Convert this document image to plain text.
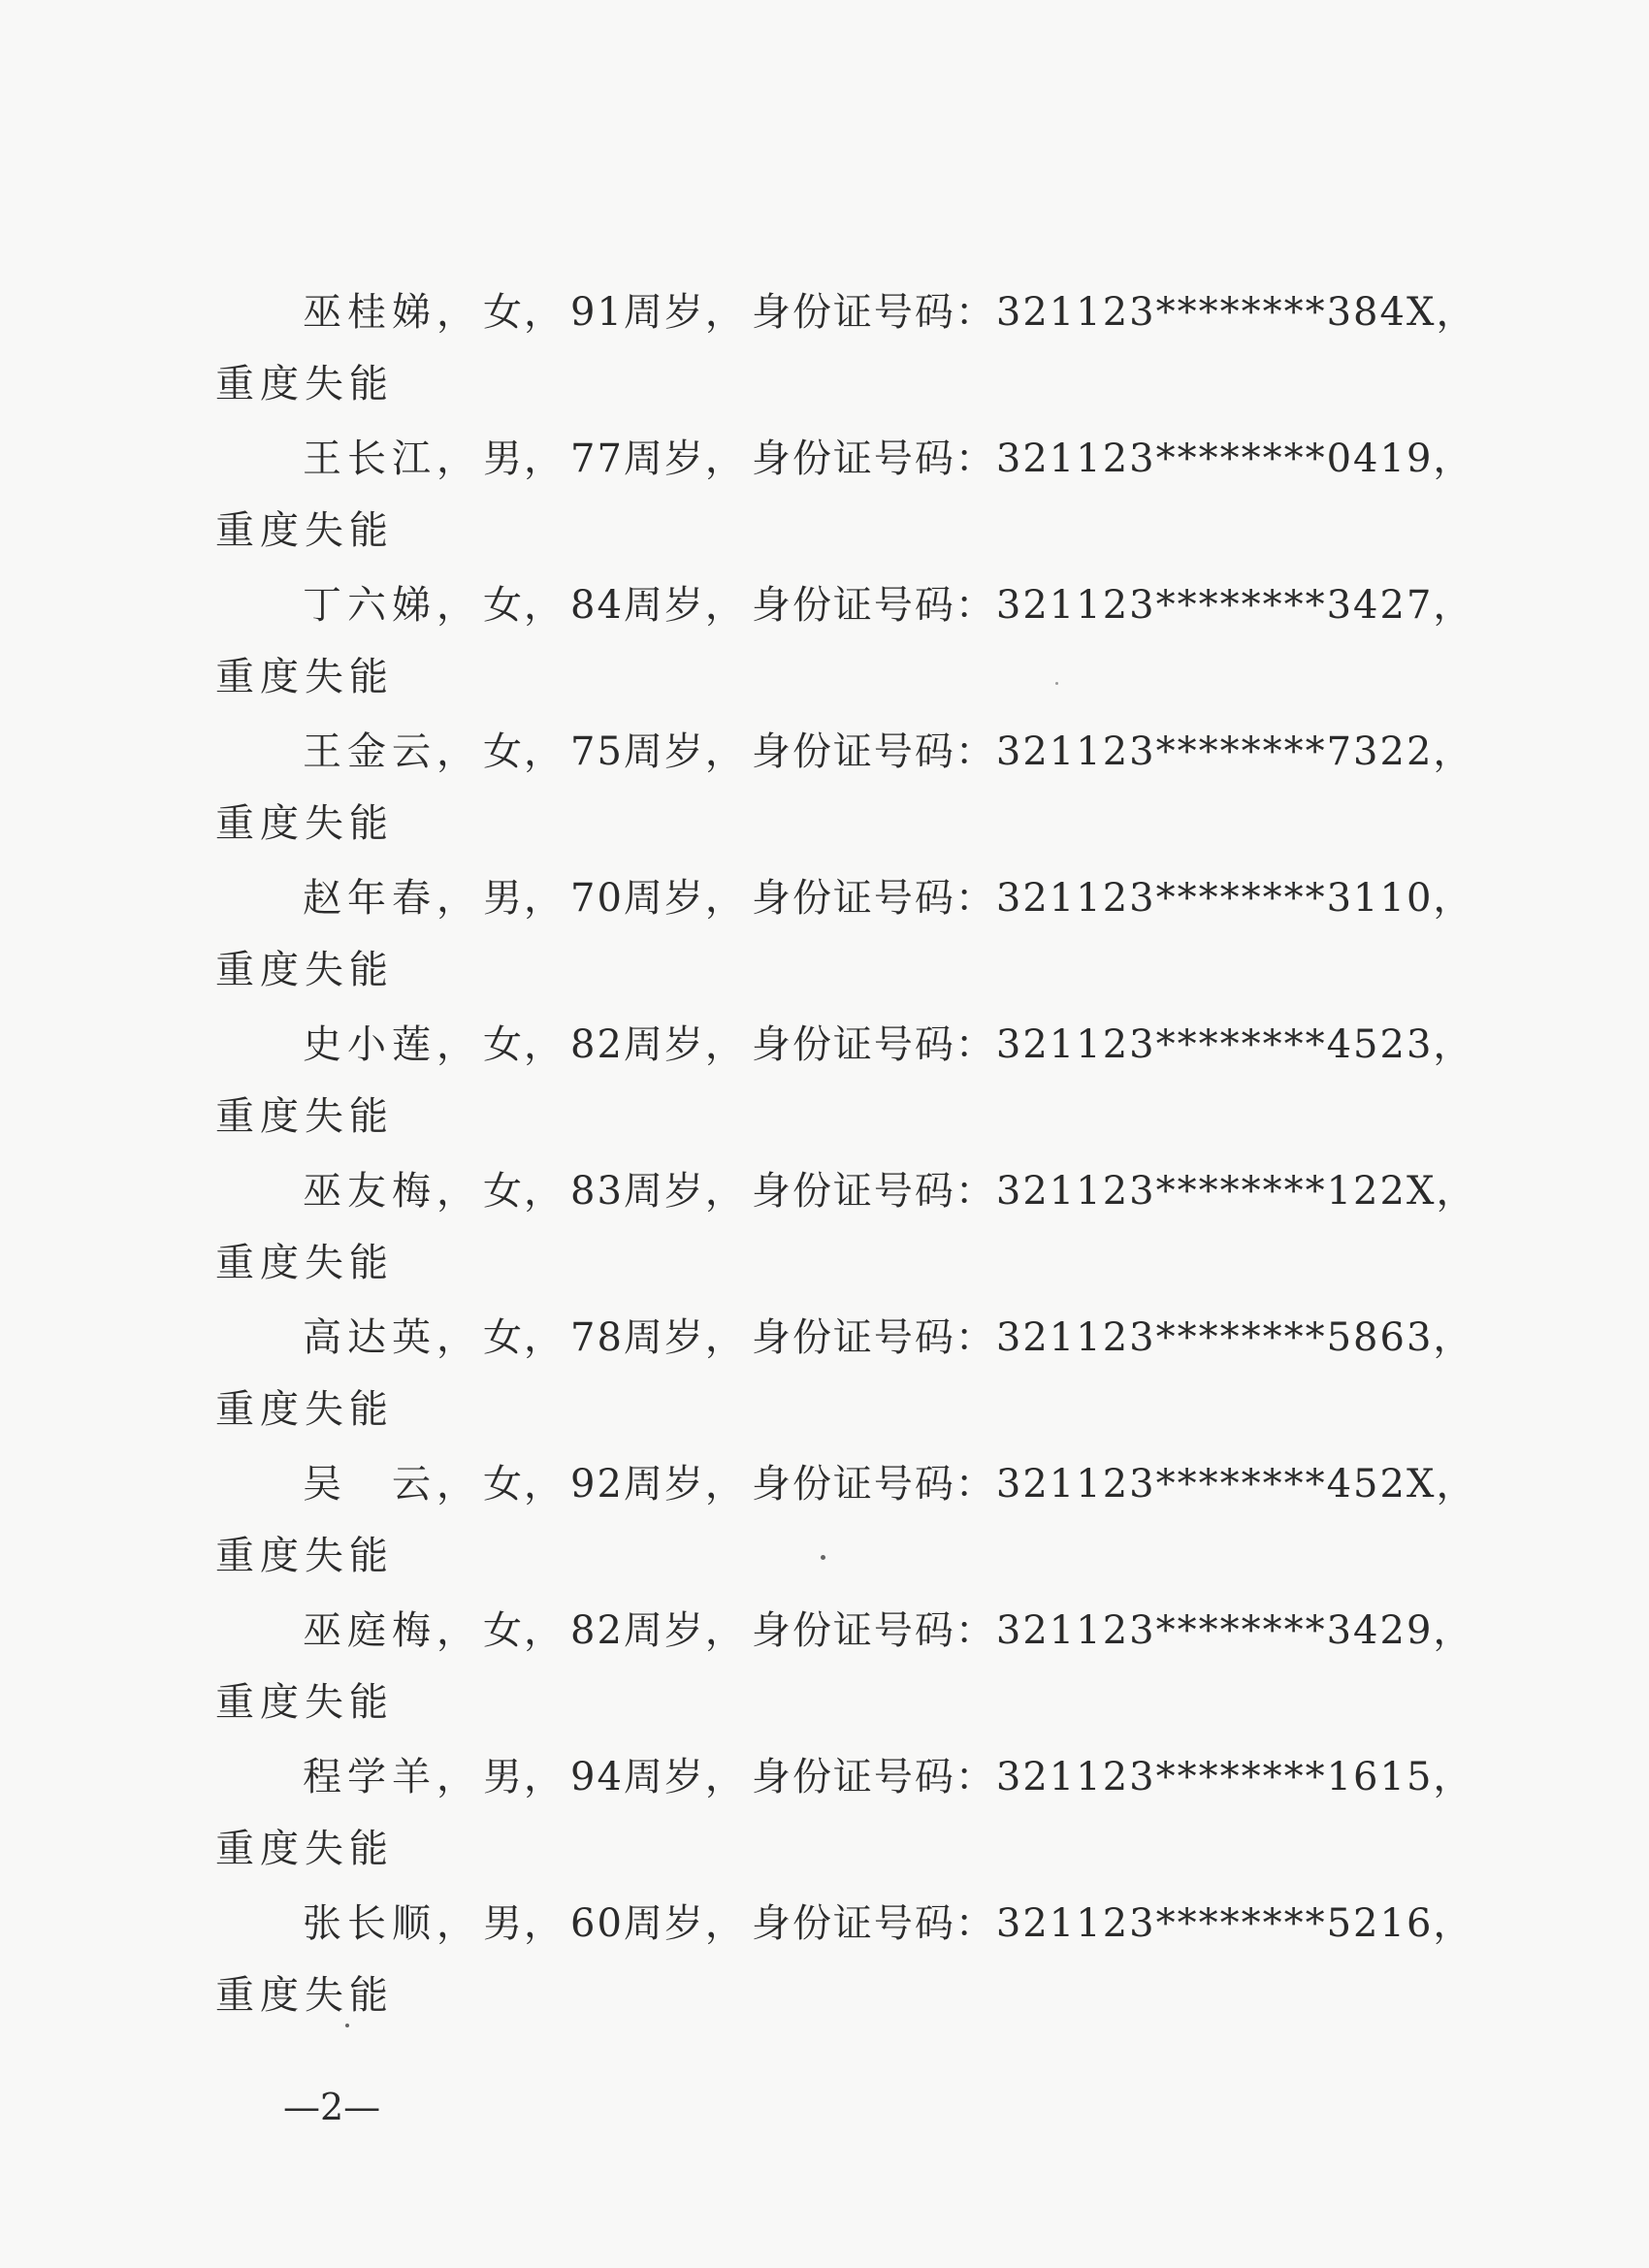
巫桂娣， 女， 91周岁， 身份证号码：321123********384X，
重度失能
王长江， 男， 77周岁， 身份证号码：321123********0419，
重度失能
丁六娣， 女， 84周岁， 身份证号码：321123********3427，
重度失能
王金云， 女， 75周岁， 身份证号码：321123********7322，
重度失能
赵年春， 男， 70周岁， 身份证号码：321123********3110，
重度失能
史小莲， 女， 82周岁， 身份证号码：321123********4523，
重度失能
巫友梅， 女， 83周岁， 身份证号码：321123********122X，
重度失能
高达英， 女， 78周岁， 身份证号码：321123********5863，
重度失能
吴　云， 女， 92周岁， 身份证号码：321123********452X，
重度失能
巫庭梅， 女， 82周岁， 身份证号码：321123********3429，
重度失能
程学羊， 男， 94周岁， 身份证号码：321123********1615，
重度失能
张长顺， 男， 60周岁， 身份证号码：321123********5216，
重度失能
—2—
